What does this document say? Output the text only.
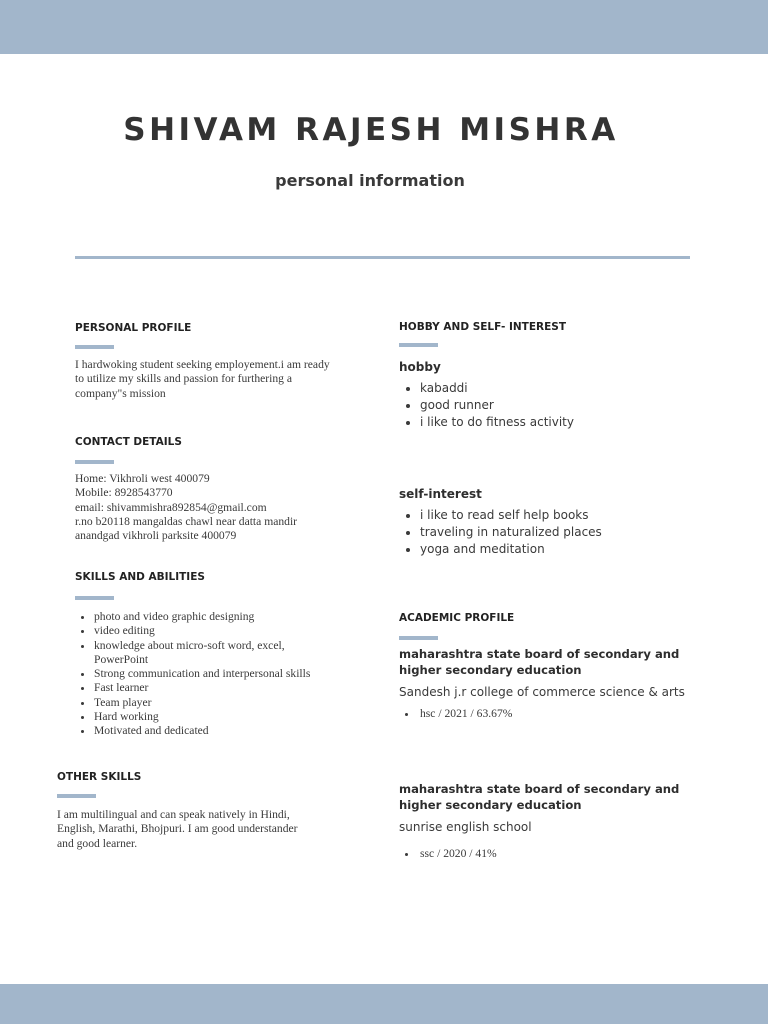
SHIVAM RAJESH MISHRA
personal information
PERSONAL PROFILE
I hardwoking student seeking employement.i am ready
to utilize my skills and passion for furthering a
company"s mission
CONTACT DETAILS
Home: Vikhroli west 400079
Mobile: 8928543770
email: shivammishra892854@gmail.com
r.no b20118 mangaldas chawl near datta mandir
anandgad vikhroli parksite 400079
SKILLS AND ABILITIES
• photo and video graphic designing
• video editing
• knowledge about micro-soft word, excel, PowerPoint
• Strong communication and interpersonal skills
• Fast learner
• Team player
• Hard working
• Motivated and dedicated
OTHER SKILLS
I am multilingual and can speak natively in Hindi,
English, Marathi, Bhojpuri. I am good understander
and good learner.
HOBBY AND SELF- INTEREST
hobby
• kabaddi
• good runner
• i like to do fitness activity
self-interest
• i like to read self help books
• traveling in naturalized places
• yoga and meditation
ACADEMIC PROFILE
maharashtra state board of secondary and higher secondary education
Sandesh j.r college of commerce science & arts
• hsc / 2021 / 63.67%
maharashtra state board of secondary and higher secondary education
sunrise english school
• ssc / 2020 / 41%
